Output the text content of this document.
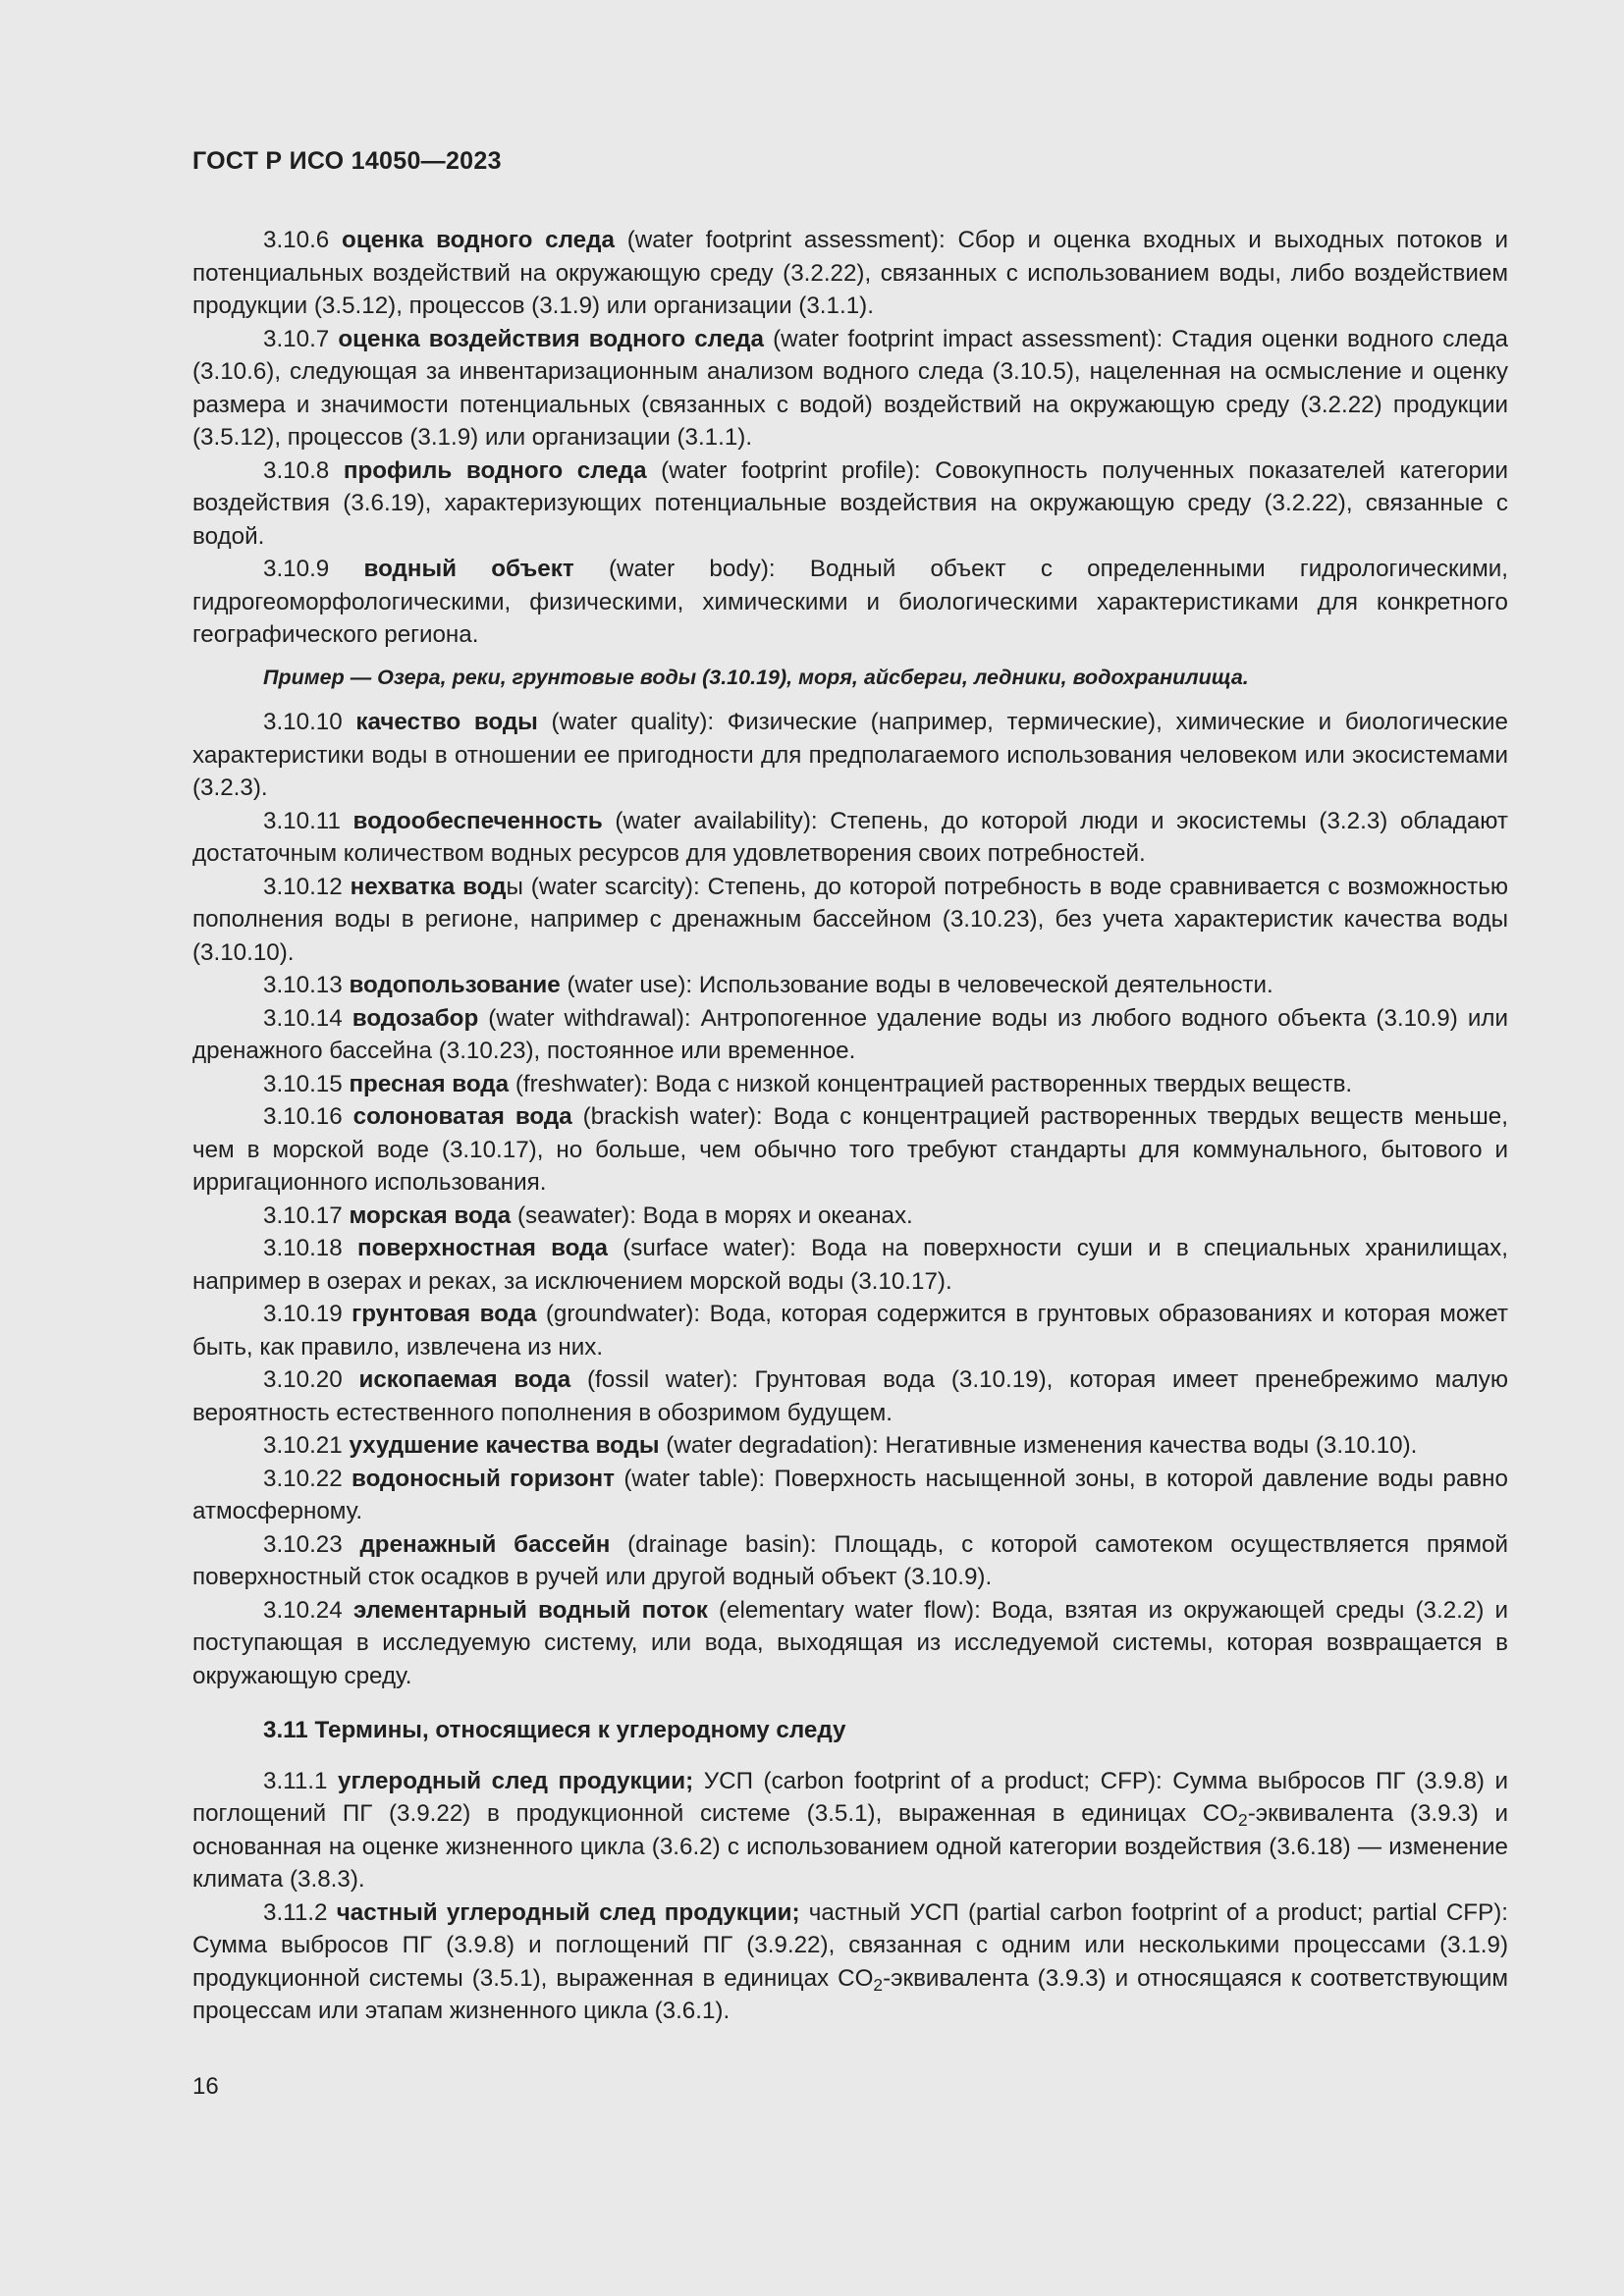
ГОСТ Р ИСО 14050—2023

3.10.6 оценка водного следа (water footprint assessment): Сбор и оценка входных и выходных потоков и потенциальных воздействий на окружающую среду (3.2.22), связанных с использованием воды, либо воздействием продукции (3.5.12), процессов (3.1.9) или организации (3.1.1).

3.10.7 оценка воздействия водного следа (water footprint impact assessment): Стадия оценки водного следа (3.10.6), следующая за инвентаризационным анализом водного следа (3.10.5), нацеленная на осмысление и оценку размера и значимости потенциальных (связанных с водой) воздействий на окружающую среду (3.2.22) продукции (3.5.12), процессов (3.1.9) или организации (3.1.1).

3.10.8 профиль водного следа (water footprint profile): Совокупность полученных показателей категории воздействия (3.6.19), характеризующих потенциальные воздействия на окружающую среду (3.2.22), связанные с водой.

3.10.9 водный объект (water body): Водный объект с определенными гидрологическими, гидрогеоморфологическими, физическими, химическими и биологическими характеристиками для конкретного географического региона.

Пример — Озера, реки, грунтовые воды (3.10.19), моря, айсберги, ледники, водохранилища.

3.10.10 качество воды (water quality): Физические (например, термические), химические и биологические характеристики воды в отношении ее пригодности для предполагаемого использования человеком или экосистемами (3.2.3).

3.10.11 водообеспеченность (water availability): Степень, до которой люди и экосистемы (3.2.3) обладают достаточным количеством водных ресурсов для удовлетворения своих потребностей.

3.10.12 нехватка воды (water scarcity): Степень, до которой потребность в воде сравнивается с возможностью пополнения воды в регионе, например с дренажным бассейном (3.10.23), без учета характеристик качества воды (3.10.10).

3.10.13 водопользование (water use): Использование воды в человеческой деятельности.

3.10.14 водозабор (water withdrawal): Антропогенное удаление воды из любого водного объекта (3.10.9) или дренажного бассейна (3.10.23), постоянное или временное.

3.10.15 пресная вода (freshwater): Вода с низкой концентрацией растворенных твердых веществ.

3.10.16 солоноватая вода (brackish water): Вода с концентрацией растворенных твердых веществ меньше, чем в морской воде (3.10.17), но больше, чем обычно того требуют стандарты для коммунального, бытового и ирригационного использования.

3.10.17 морская вода (seawater): Вода в морях и океанах.

3.10.18 поверхностная вода (surface water): Вода на поверхности суши и в специальных хранилищах, например в озерах и реках, за исключением морской воды (3.10.17).

3.10.19 грунтовая вода (groundwater): Вода, которая содержится в грунтовых образованиях и которая может быть, как правило, извлечена из них.

3.10.20 ископаемая вода (fossil water): Грунтовая вода (3.10.19), которая имеет пренебрежимо малую вероятность естественного пополнения в обозримом будущем.

3.10.21 ухудшение качества воды (water degradation): Негативные изменения качества воды (3.10.10).

3.10.22 водоносный горизонт (water table): Поверхность насыщенной зоны, в которой давление воды равно атмосферному.

3.10.23 дренажный бассейн (drainage basin): Площадь, с которой самотеком осуществляется прямой поверхностный сток осадков в ручей или другой водный объект (3.10.9).

3.10.24 элементарный водный поток (elementary water flow): Вода, взятая из окружающей среды (3.2.2) и поступающая в исследуемую систему, или вода, выходящая из исследуемой системы, которая возвращается в окружающую среду.

3.11 Термины, относящиеся к углеродному следу

3.11.1 углеродный след продукции; УСП (carbon footprint of a product; CFP): Сумма выбросов ПГ (3.9.8) и поглощений ПГ (3.9.22) в продукционной системе (3.5.1), выраженная в единицах $CO_2$-эквивалента (3.9.3) и основанная на оценке жизненного цикла (3.6.2) с использованием одной категории воздействия (3.6.18) — изменение климата (3.8.3).

3.11.2 частный углеродный след продукции; частный УСП (partial carbon footprint of a product; partial CFP): Сумма выбросов ПГ (3.9.8) и поглощений ПГ (3.9.22), связанная с одним или несколькими процессами (3.1.9) продукционной системы (3.5.1), выраженная в единицах $CO_2$-эквивалента (3.9.3) и относящаяся к соответствующим процессам или этапам жизненного цикла (3.6.1).

16
